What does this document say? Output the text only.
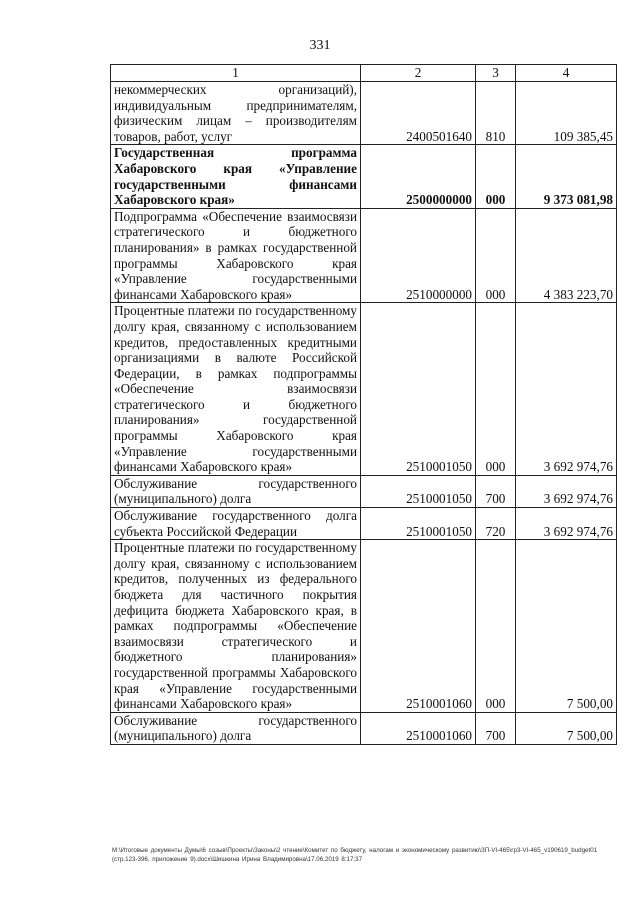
331
1	2	3	4
некоммерческих организаций), индивидуальным предпринимателям, физическим лицам – производителям товаров, работ, услуг	2400501640	810	109 385,45
Государственная программа Хабаровского края «Управление государственными финансами Хабаровского края»	2500000000	000	9 373 081,98
Подпрограмма «Обеспечение взаимосвязи стратегического и бюджетного планирования» в рамках государственной программы Хабаровского края «Управление государственными финансами Хабаровского края»	2510000000	000	4 383 223,70
Процентные платежи по государственному долгу края, связанному с использованием кредитов, предоставленных кредитными организациями в валюте Российской Федерации, в рамках подпрограммы «Обеспечение взаимосвязи стратегического и бюджетного планирования» государственной программы Хабаровского края «Управление государственными финансами Хабаровского края»	2510001050	000	3 692 974,76
Обслуживание государственного (муниципального) долга	2510001050	700	3 692 974,76
Обслуживание государственного долга субъекта Российской Федерации	2510001050	720	3 692 974,76
Процентные платежи по государственному долгу края, связанному с использованием кредитов, полученных из федерального бюджета для частичного покрытия дефицита бюджета Хабаровского края, в рамках подпрограммы «Обеспечение взаимосвязи стратегического и бюджетного планирования» государственной программы Хабаровского края «Управление государственными финансами Хабаровского края»	2510001060	000	7 500,00
Обслуживание государственного (муниципального) долга	2510001060	700	7 500,00
M:\Итоговые документы Думы\6 созыв\Проекты\Законы\2 чтение\Комитет по бюджету, налогам и экономическому развитию\ЗП-VI-465\гр3-VI-465_v190619_budget01 (стр.123-396, приложение 9).docx\Шишкина Ирина Владимировна\17.06.2019 8:17:37
